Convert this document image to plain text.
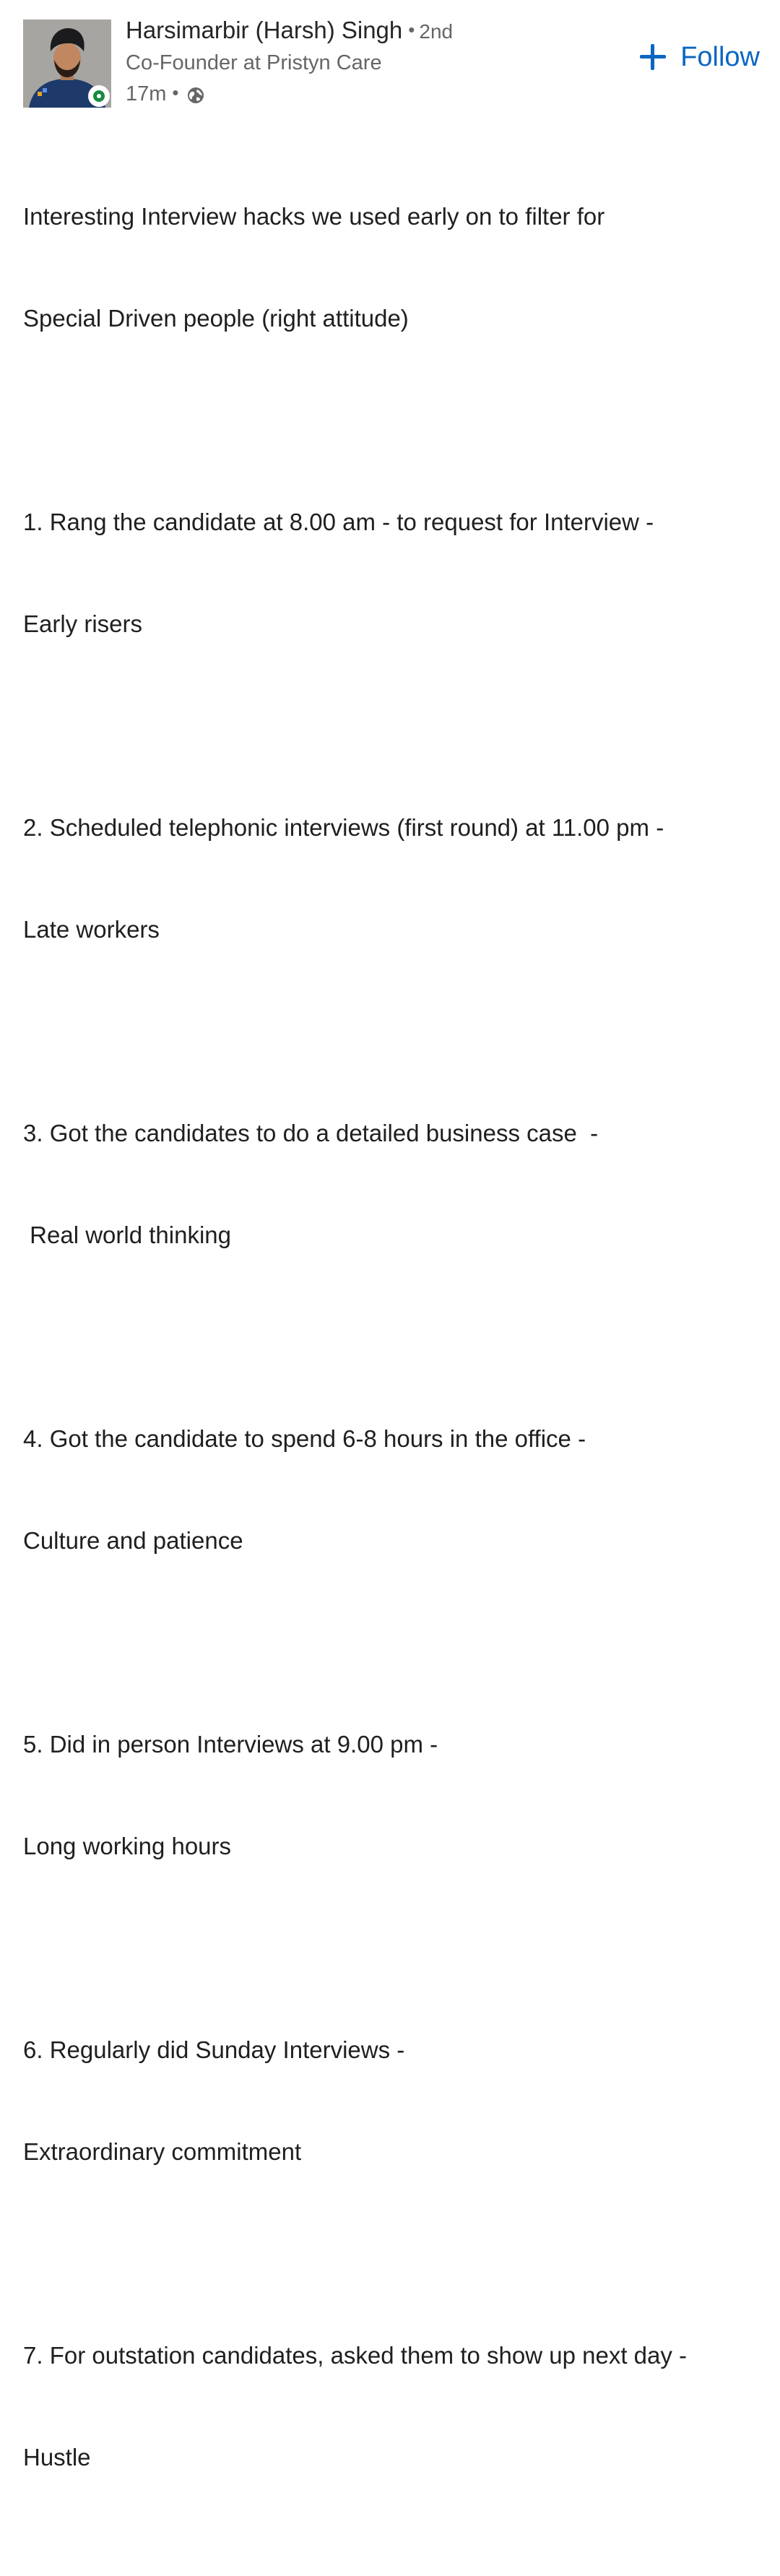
Harsimarbir (Harsh) Singh • 2nd
Co-Founder at Pristyn Care
17m •
Follow

Interesting Interview hacks we used early on to filter for

Special Driven people (right attitude)

1. Rang the candidate at 8.00 am - to request for Interview -

Early risers

2. Scheduled telephonic interviews (first round) at 11.00 pm -

Late workers

3. Got the candidates to do a detailed business case  -

Real world thinking

4. Got the candidate to spend 6-8 hours in the office -

Culture and patience

5. Did in person Interviews at 9.00 pm -

Long working hours

6. Regularly did Sunday Interviews -

Extraordinary commitment

7. For outstation candidates, asked them to show up next day -

Hustle
